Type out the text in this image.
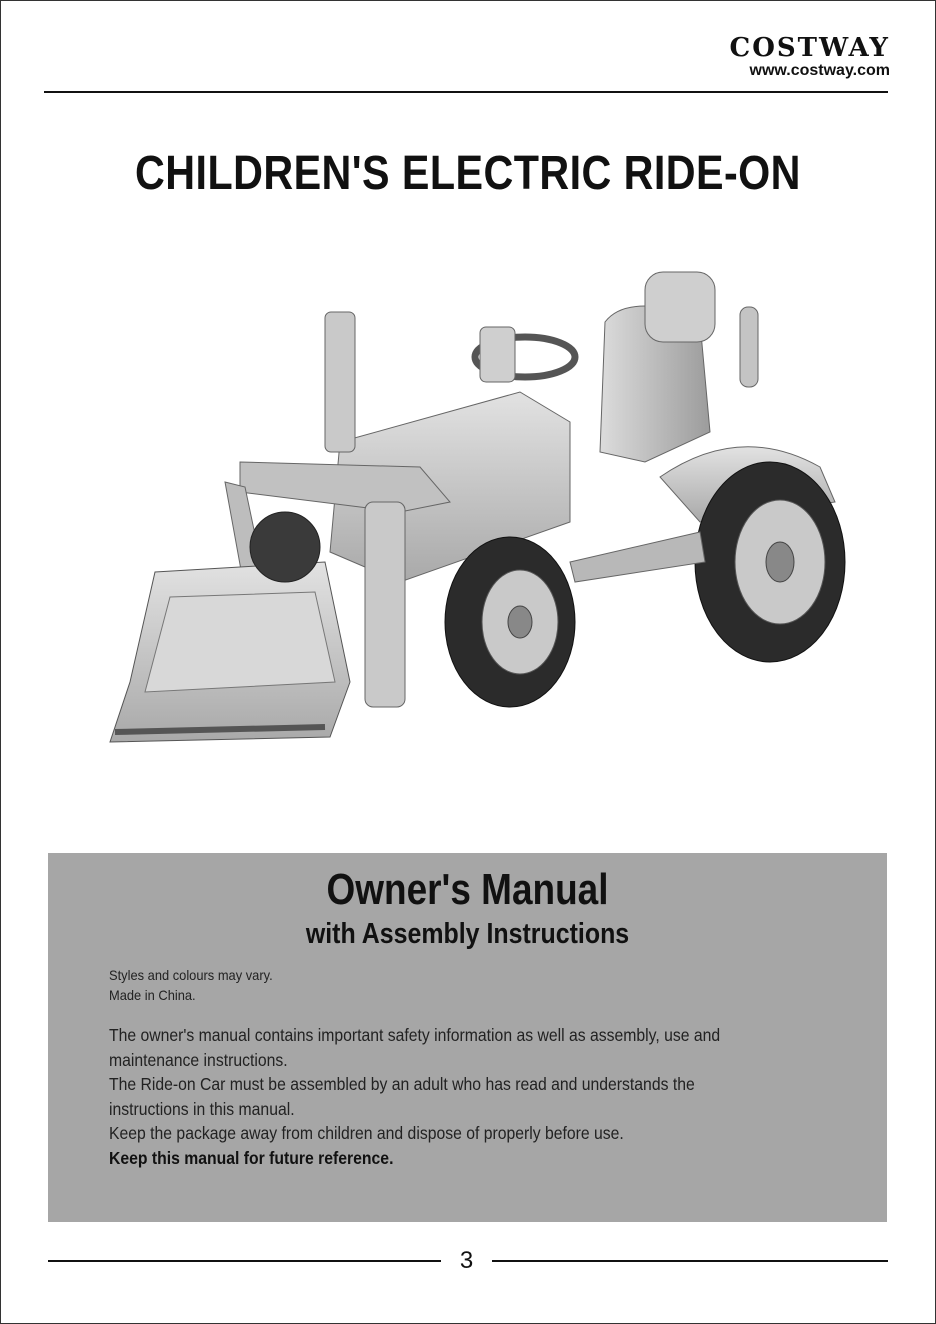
COSTWAY
www.costway.com
CHILDREN'S ELECTRIC RIDE-ON
Owner's Manual
with Assembly Instructions
Styles and colours may vary.
Made in China.
The owner's manual contains important safety information as well as assembly, use and
maintenance instructions.
The Ride-on Car must be assembled by an adult who has read and understands the
instructions in this manual.
Keep the package away from children and dispose of properly before use.
Keep this manual for future reference.
3
